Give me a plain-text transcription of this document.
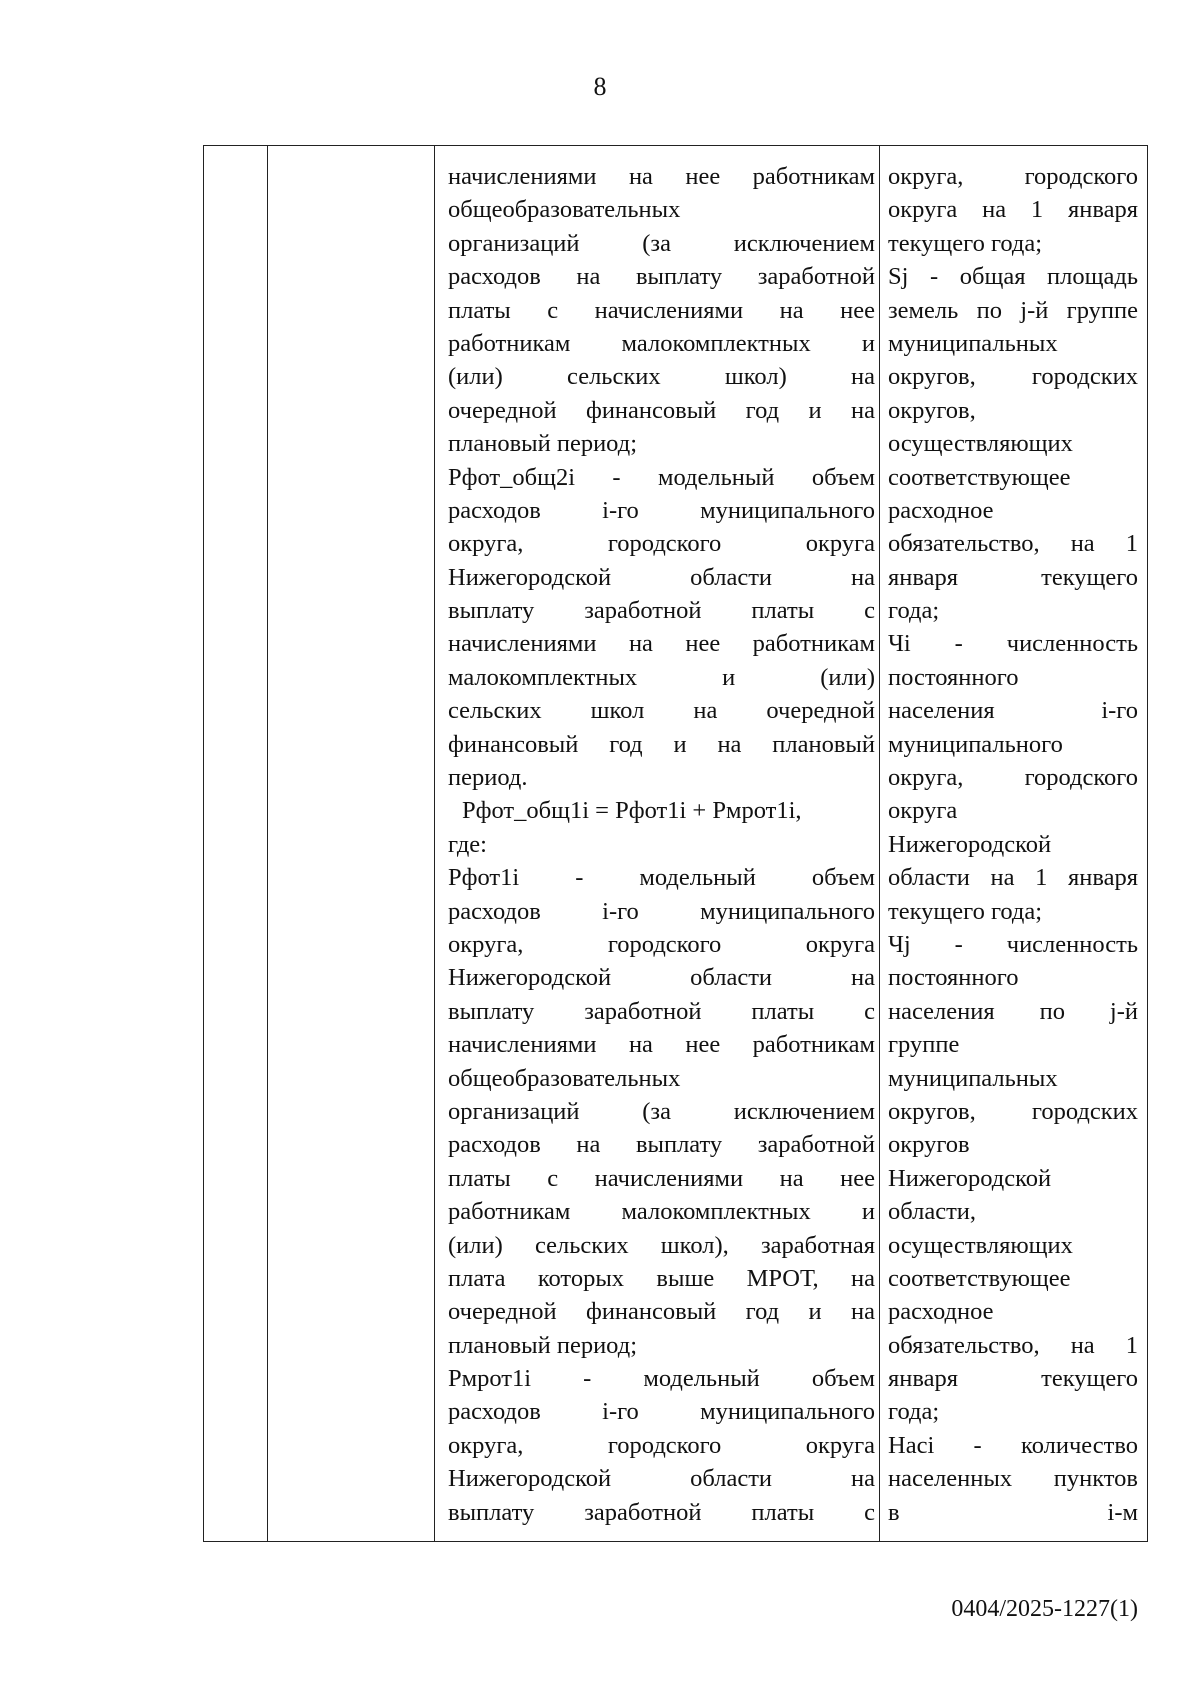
8
начислениями на нее работникам
общеобразовательных
организаций (за исключением
расходов на выплату заработной
платы с начислениями на нее
работникам малокомплектных и
(или) сельских школ) на
очередной финансовый год и на
плановый период;
Рфот_общ2i - модельный объем
расходов i-го муниципального
округа, городского округа
Нижегородской области на
выплату заработной платы с
начислениями на нее работникам
малокомплектных и (или)
сельских школ на очередной
финансовый год и на плановый
период.
Рфот_общ1i = Рфот1i + Рмрот1i,
где:
Рфот1i - модельный объем
расходов i-го муниципального
округа, городского округа
Нижегородской области на
выплату заработной платы с
начислениями на нее работникам
общеобразовательных
организаций (за исключением
расходов на выплату заработной
платы с начислениями на нее
работникам малокомплектных и
(или) сельских школ), заработная
плата которых выше МРОТ, на
очередной финансовый год и на
плановый период;
Рмрот1i - модельный объем
расходов i-го муниципального
округа, городского округа
Нижегородской области на
выплату заработной платы с
округа, городского
округа на 1 января
текущего года;
Sj - общая площадь
земель по j-й группе
муниципальных
округов, городских
округов,
осуществляющих
соответствующее
расходное
обязательство, на 1
января текущего
года;
Чi - численность
постоянного
населения i-го
муниципального
округа, городского
округа
Нижегородской
области на 1 января
текущего года;
Чj - численность
постоянного
населения по j-й
группе
муниципальных
округов, городских
округов
Нижегородской
области,
осуществляющих
соответствующее
расходное
обязательство, на 1
января текущего
года;
Насi - количество
населенных пунктов
в i-м
0404/2025-1227(1)
